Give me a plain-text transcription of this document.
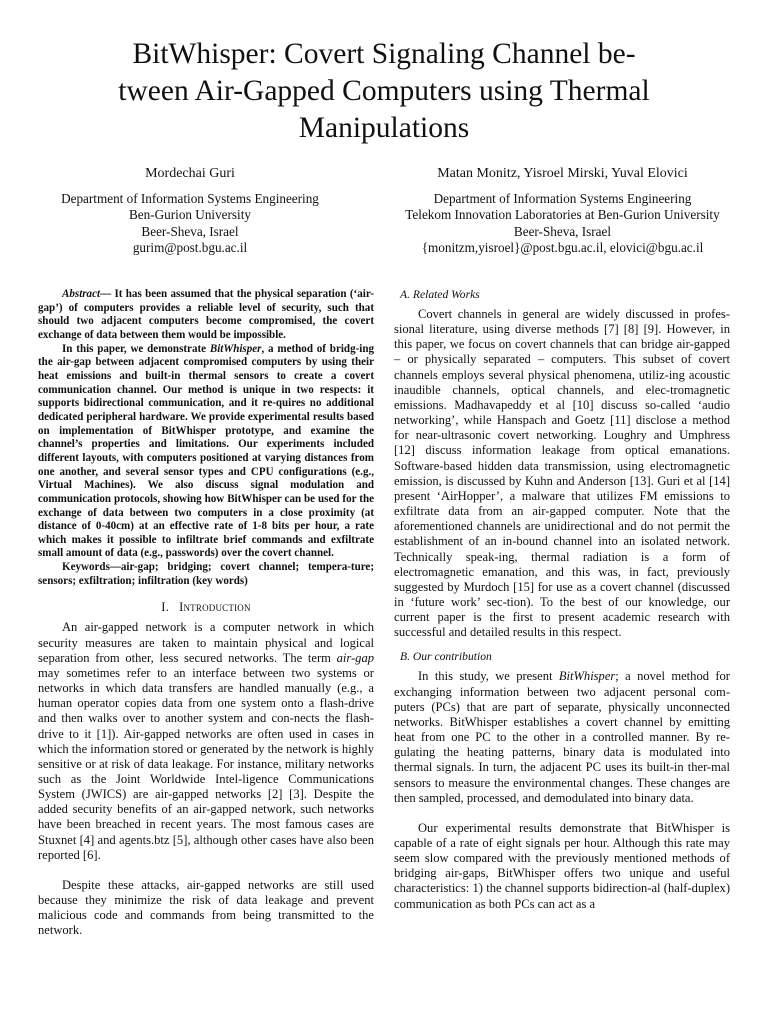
BitWhisper: Covert Signaling Channel be-
tween Air-Gapped Computers using Thermal
Manipulations
Mordechai Guri
Department of Information Systems Engineering
Ben-Gurion University
Beer-Sheva, Israel
gurim@post.bgu.ac.il
Matan Monitz, Yisroel Mirski, Yuval Elovici
Department of Information Systems Engineering
Telekom Innovation Laboratories at Ben-Gurion University
Beer-Sheva, Israel
{monitzm,yisroel}@post.bgu.ac.il, elovici@bgu.ac.il

Abstract— It has been assumed that the physical separation (‘air-gap’) of computers provides a reliable level of security, such that should two adjacent computers become compromised, the covert exchange of data between them would be impossible.

In this paper, we demonstrate BitWhisper, a method of bridg-ing the air-gap between adjacent compromised computers by using their heat emissions and built-in thermal sensors to create a covert communication channel. Our method is unique in two respects: it supports bidirectional communication, and it re-quires no additional dedicated peripheral hardware. We provide experimental results based on implementation of BitWhisper prototype, and examine the channel’s properties and limitations. Our experiments included different layouts, with computers positioned at varying distances from one another, and several sensor types and CPU configurations (e.g., Virtual Machines). We also discuss signal modulation and communication protocols, showing how BitWhisper can be used for the exchange of data between two computers in a close proximity (at distance of 0-40cm) at an effective rate of 1-8 bits per hour, a rate which makes it possible to infiltrate brief commands and exfiltrate small amount of data (e.g., passwords) over the covert channel.

Keywords—air-gap; bridging; covert channel; tempera-ture; sensors; exfiltration; infiltration (key words)

I. Introduction

An air-gapped network is a computer network in which security measures are taken to maintain physical and logical separation from other, less secured networks. The term air-gap may sometimes refer to an interface between two systems or networks in which data transfers are handled manually (e.g., a human operator copies data from one system onto a flash-drive and then walks over to another system and con-nects the flash-drive to it [1]). Air-gapped networks are often used in cases in which the information stored or generated by the network is highly sensitive or at risk of data leakage. For instance, military networks such as the Joint Worldwide Intel-ligence Communications System (JWICS) are air-gapped networks [2] [3]. Despite the added security benefits of an air-gapped network, such networks have been breached in recent years. The most famous cases are Stuxnet [4] and agents.btz [5], although other cases have also been reported [6].

Despite these attacks, air-gapped networks are still used because they minimize the risk of data leakage and prevent malicious code and commands from being transmitted to the network.

A. Related Works

Covert channels in general are widely discussed in profes-sional literature, using diverse methods [7] [8] [9]. However, in this paper, we focus on covert channels that can bridge air-gapped – or physically separated – computers. This subset of covert channels employs several physical phenomena, utiliz-ing acoustic inaudible channels, optical channels, and elec-tromagnetic emissions. Madhavapeddy et al [10] discuss so-called ‘audio networking’, while Hanspach and Goetz [11] disclose a method for near-ultrasonic covert networking. Loughry and Umphress [12] discuss information leakage from optical emanations. Software-based hidden data transmission, using electromagnetic emission, is discussed by Kuhn and Anderson [13]. Guri et al [14] present ‘AirHopper’, a malware that utilizes FM emissions to exfiltrate data from an air-gapped computer. Note that the aforementioned channels are unidirectional and do not permit the establishment of an in-bound channel into an isolated network. Technically speak-ing, thermal radiation is a form of electromagnetic emanation, and this was, in fact, previously suggested by Murdoch [15] for use as a covert channel (discussed in ‘future work’ sec-tion). To the best of our knowledge, our current paper is the first to present academic research with successful and detailed results in this respect.

B. Our contribution

In this study, we present BitWhisper; a novel method for exchanging information between two adjacent personal com-puters (PCs) that are part of separate, physically unconnected networks. BitWhisper establishes a covert channel by emitting heat from one PC to the other in a controlled manner. By re-gulating the heating patterns, binary data is modulated into thermal signals. In turn, the adjacent PC uses its built-in ther-mal sensors to measure the environmental changes. These changes are then sampled, processed, and demodulated into binary data.

Our experimental results demonstrate that BitWhisper is capable of a rate of eight signals per hour. Although this rate may seem slow compared with the previously mentioned methods of bridging air-gaps, BitWhisper offers two unique and useful characteristics: 1) the channel supports bidirection-al (half-duplex) communication as both PCs can act as a
